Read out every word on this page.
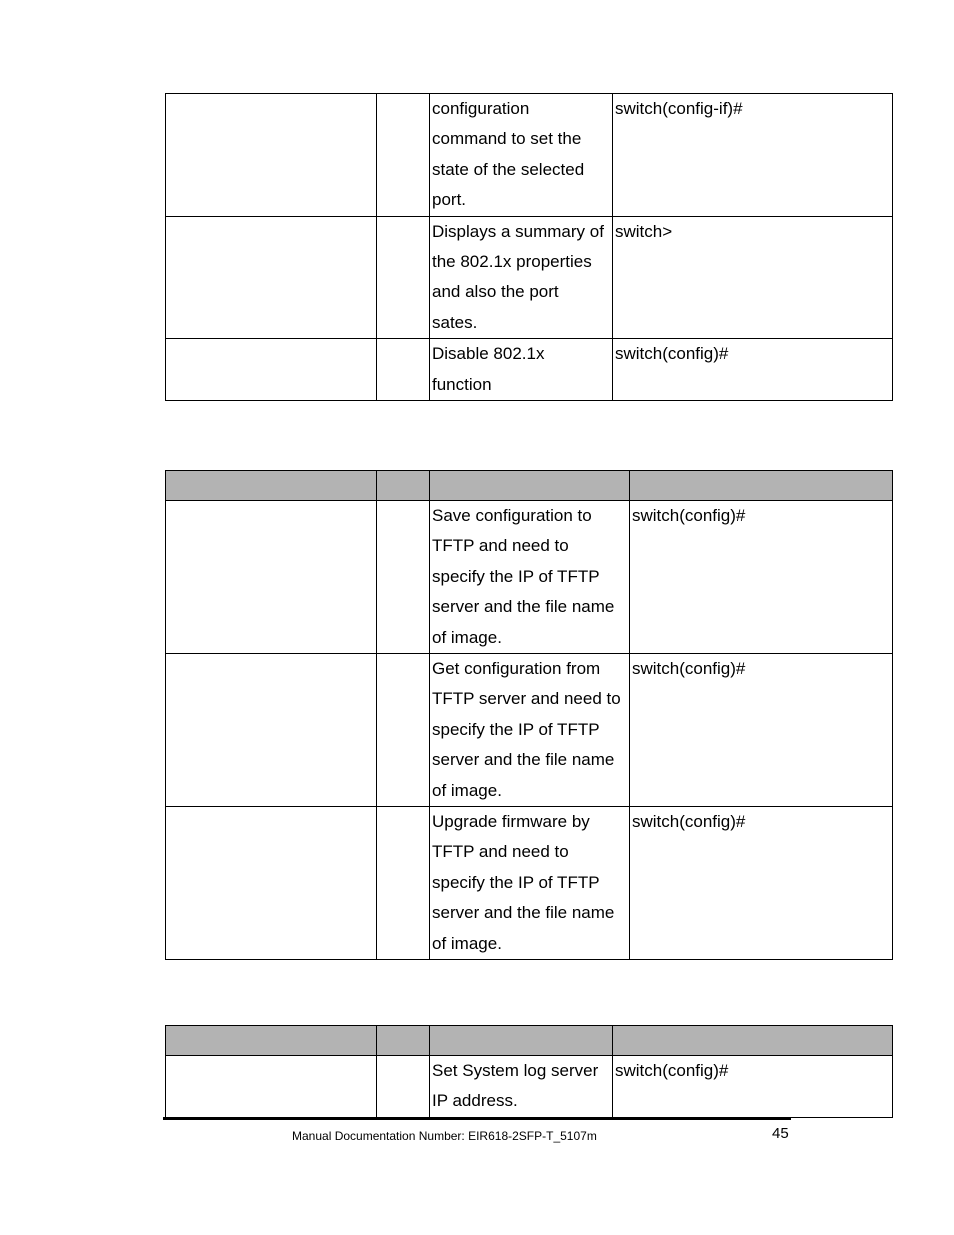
		configuration
command to set the
state of the selected
port.	switch(config-if)#

		Displays a summary of
the 802.1x properties
and also the port
sates.	switch>

		Disable 802.1x
function	switch(config)#

		Save configuration to
TFTP and need to
specify the IP of TFTP
server and the file name
of image.	switch(config)#

		Get configuration from
TFTP server and need to
specify the IP of TFTP
server and the file name
of image.	switch(config)#

		Upgrade firmware by
TFTP and need to
specify the IP of TFTP
server and the file name
of image.	switch(config)#

		Set System log server
IP address.	switch(config)#
Manual Documentation Number: EIR618-2SFP-T_5107m	45
